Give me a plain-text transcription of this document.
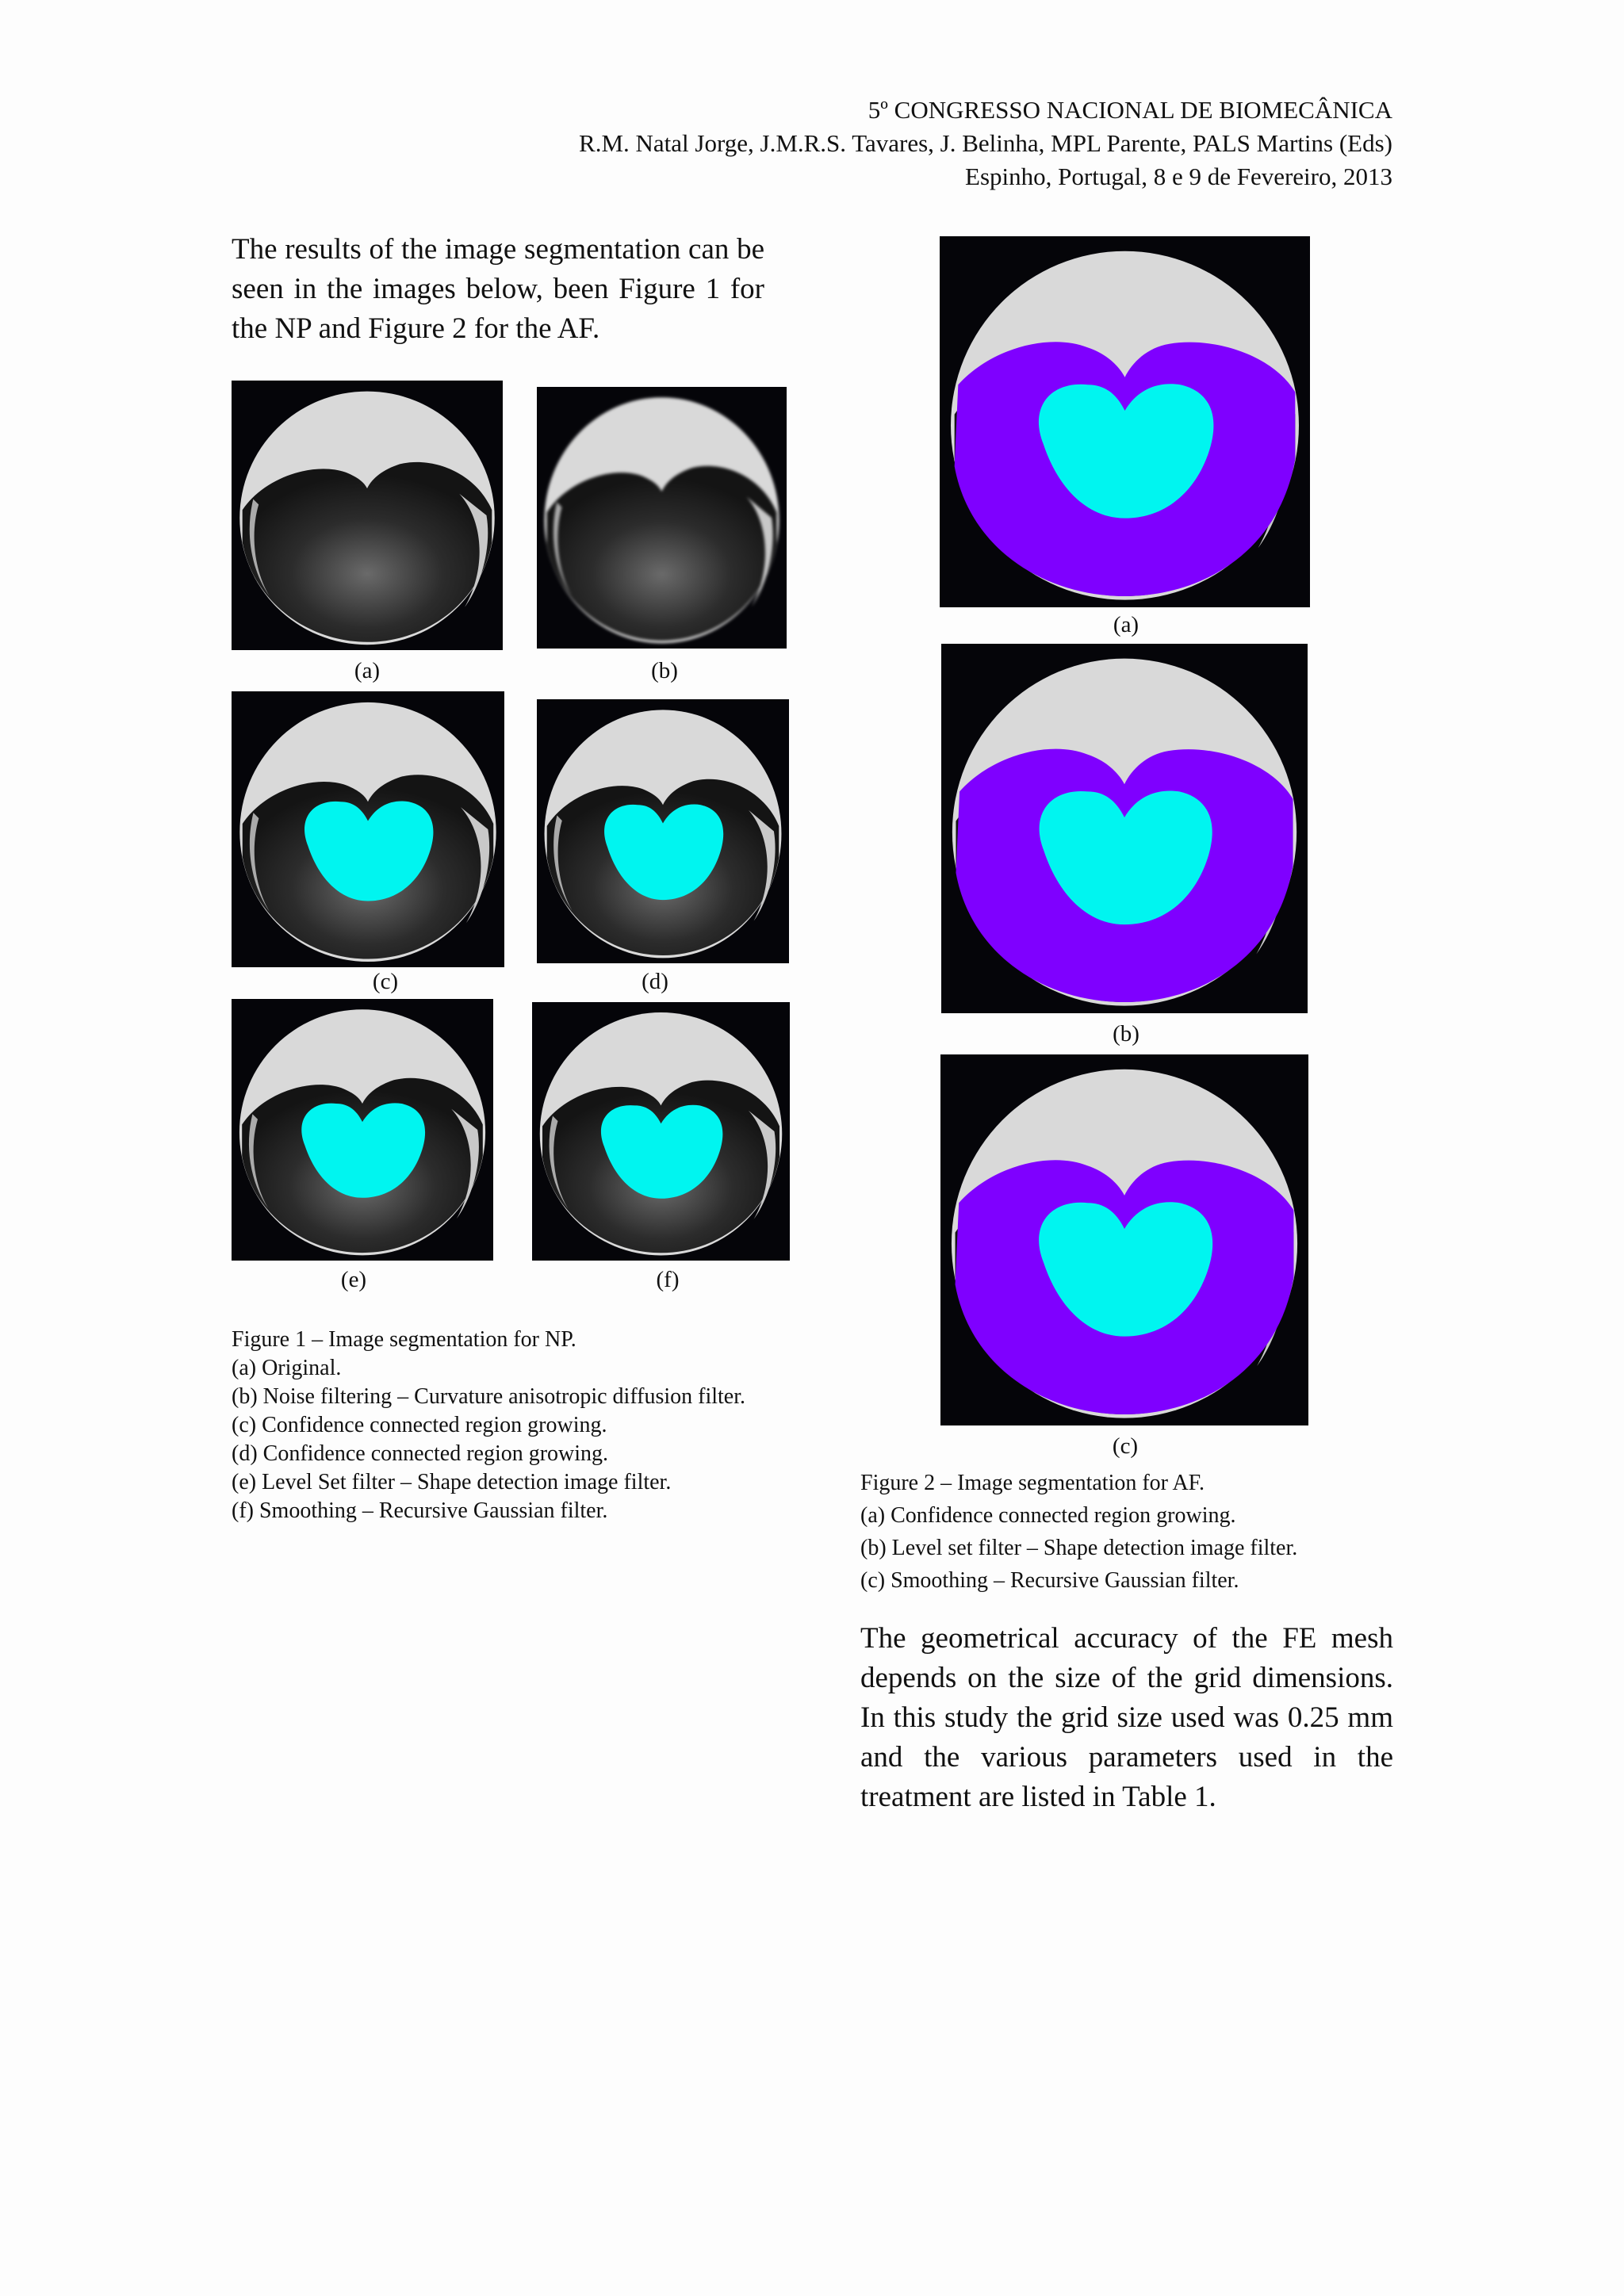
5º CONGRESSO NACIONAL DE BIOMECÂNICA
R.M. Natal Jorge, J.M.R.S. Tavares, J. Belinha, MPL Parente, PALS Martins (Eds)
Espinho, Portugal, 8 e 9 de Fevereiro, 2013
The results of the image segmentation can be seen in the images below, been Figure 1 for the NP and Figure 2 for the AF.
(a)	(b)
(c)	(d)
(e)	(f)
Figure 1 – Image segmentation for NP.
(a) Original.
(b) Noise filtering – Curvature anisotropic diffusion filter.
(c) Confidence connected region growing.
(d) Confidence connected region growing.
(e) Level Set filter – Shape detection image filter.
(f) Smoothing – Recursive Gaussian filter.
(a)
(b)
(c)
Figure 2 – Image segmentation for AF.
(a) Confidence connected region growing.
(b) Level set filter – Shape detection image filter.
(c) Smoothing – Recursive Gaussian filter.
The geometrical accuracy of the FE mesh depends on the size of the grid dimensions. In this study the grid size used was 0.25 mm and the various parameters used in the treatment are listed in Table 1.
